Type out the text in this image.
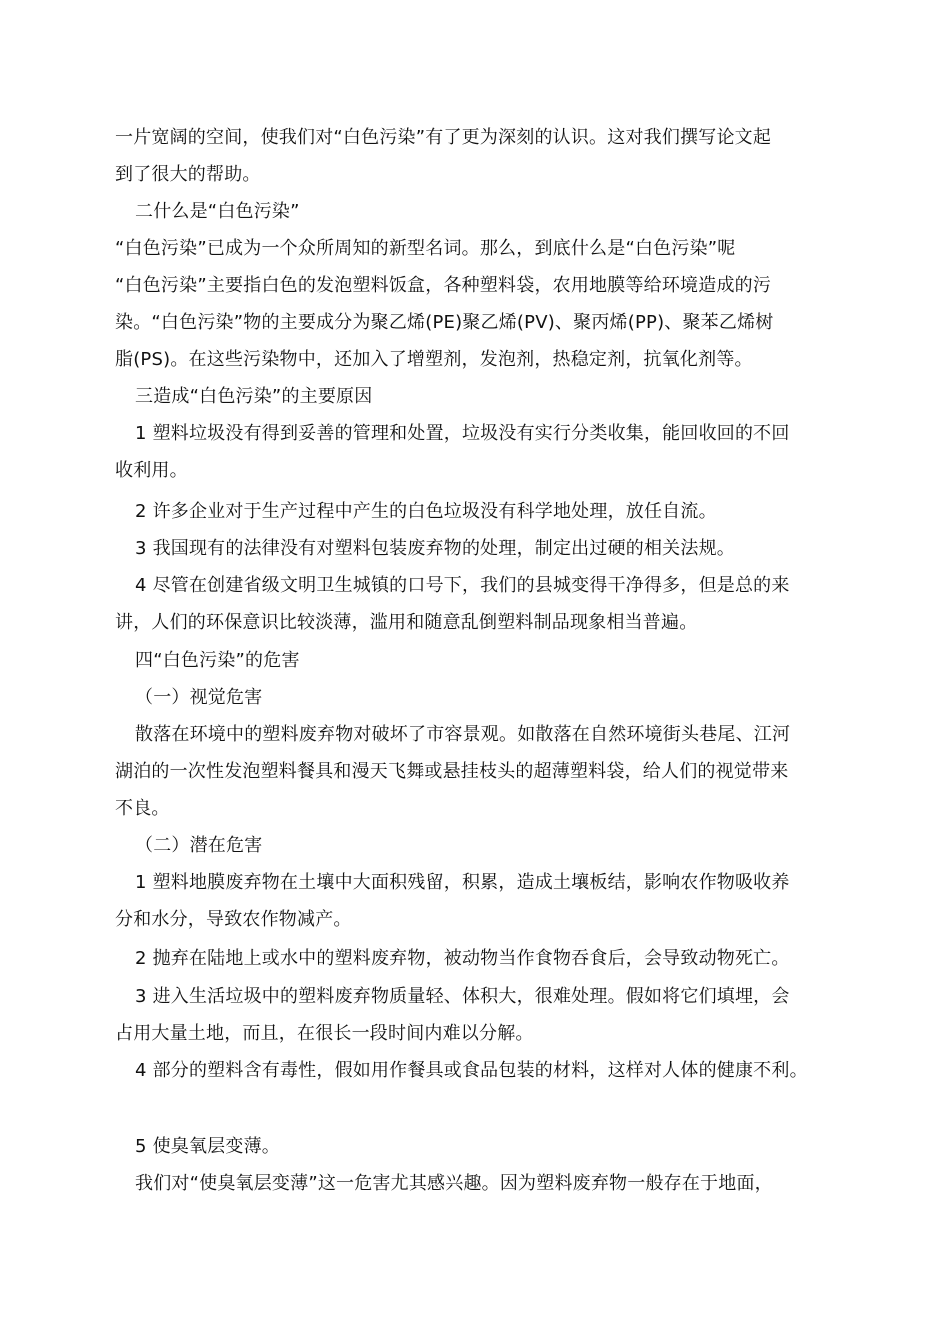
一片宽阔的空间，使我们对“白色污染”有了更为深刻的认识。这对我们撰写论文起
到了很大的帮助。
二什么是“白色污染”
“白色污染”已成为一个众所周知的新型名词。那么，到底什么是“白色污染”呢
“白色污染”主要指白色的发泡塑料饭盒，各种塑料袋，农用地膜等给环境造成的污
染。“白色污染”物的主要成分为聚乙烯(PE)聚乙烯(PV)、聚丙烯(PP)、聚苯乙烯树
脂(PS)。在这些污染物中，还加入了增塑剂，发泡剂，热稳定剂，抗氧化剂等。
三造成“白色污染”的主要原因
1 塑料垃圾没有得到妥善的管理和处置，垃圾没有实行分类收集，能回收回的不回
收利用。
2 许多企业对于生产过程中产生的白色垃圾没有科学地处理，放任自流。
3 我国现有的法律没有对塑料包装废弃物的处理，制定出过硬的相关法规。
4 尽管在创建省级文明卫生城镇的口号下，我们的县城变得干净得多，但是总的来
讲，人们的环保意识比较淡薄，滥用和随意乱倒塑料制品现象相当普遍。
四“白色污染”的危害
（一）视觉危害
散落在环境中的塑料废弃物对破坏了市容景观。如散落在自然环境街头巷尾、江河
湖泊的一次性发泡塑料餐具和漫天飞舞或悬挂枝头的超薄塑料袋，给人们的视觉带来
不良。
（二）潜在危害
1 塑料地膜废弃物在土壤中大面积残留，积累，造成土壤板结，影响农作物吸收养
分和水分，导致农作物减产。
2 抛弃在陆地上或水中的塑料废弃物，被动物当作食物吞食后，会导致动物死亡。
3 进入生活垃圾中的塑料废弃物质量轻、体积大，很难处理。假如将它们填埋，会
占用大量土地，而且，在很长一段时间内难以分解。
4 部分的塑料含有毒性，假如用作餐具或食品包装的材料，这样对人体的健康不利。
5 使臭氧层变薄。
我们对“使臭氧层变薄”这一危害尤其感兴趣。因为塑料废弃物一般存在于地面，
